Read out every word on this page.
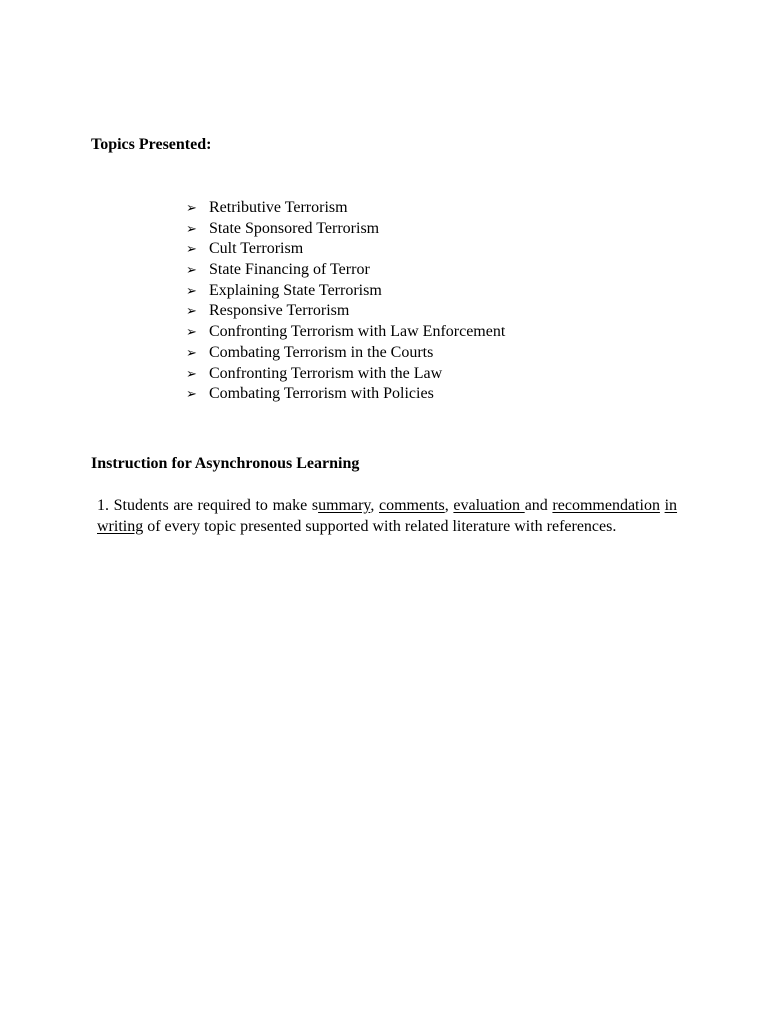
Topics Presented:
➢ Retributive Terrorism
➢ State Sponsored Terrorism
➢ Cult Terrorism
➢ State Financing of Terror
➢ Explaining State Terrorism
➢ Responsive Terrorism
➢ Confronting Terrorism with Law Enforcement
➢ Combating Terrorism in the Courts
➢ Confronting Terrorism with the Law
➢ Combating Terrorism with Policies
Instruction for Asynchronous Learning

1. Students are required to make summary, comments, evaluation and recommendation in writing of every topic presented supported with related literature with references.
